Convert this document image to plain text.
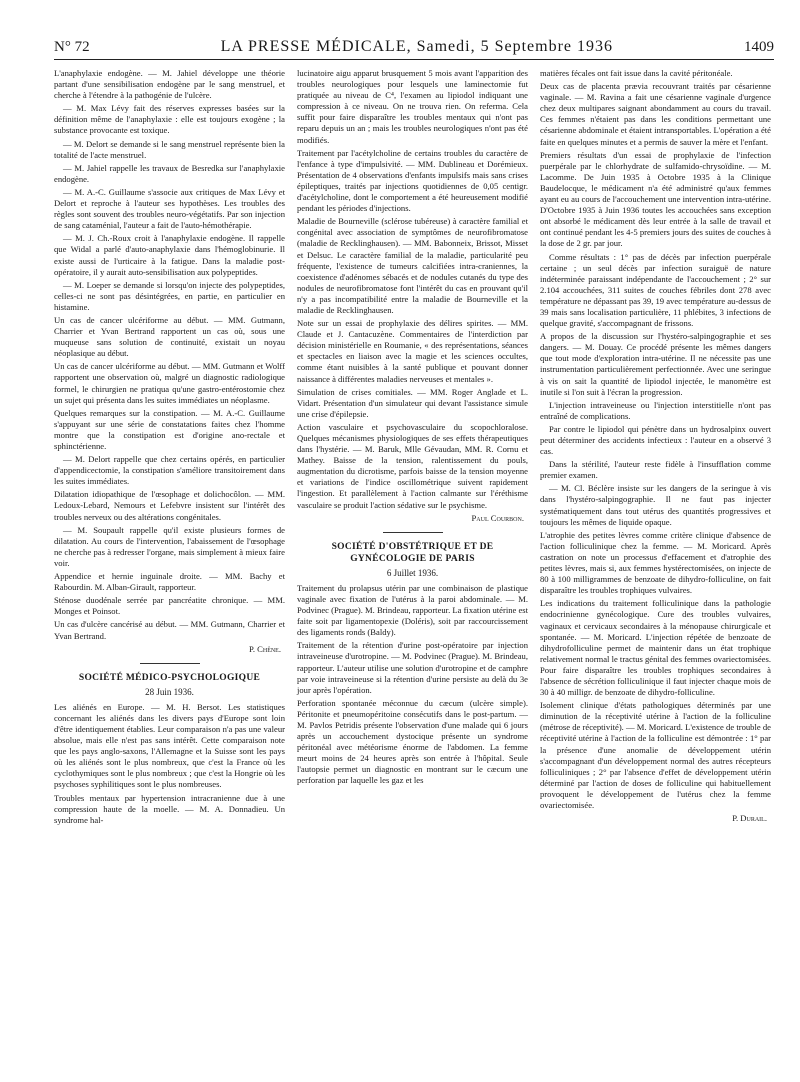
N° 72	LA PRESSE MÉDICALE, Samedi, 5 Septembre 1936	1409

L'anaphylaxie endogène. — M. Jahiel développe une théorie partant d'une sensibilisation endogène par le sang menstruel, et cherche à l'étendre à la pathogénie de l'ulcère.

— M. Max Lévy fait des réserves expresses basées sur la définition même de l'anaphylaxie : elle est toujours exogène ; la substance provocante est toxique.

— M. Delort se demande si le sang menstruel représente bien la totalité de l'acte menstruel.

— M. Jahiel rappelle les travaux de Besredka sur l'anaphylaxie endogène.

— M. A.-C. Guillaume s'associe aux critiques de Max Lévy et Delort et reproche à l'auteur ses hypothèses. Les troubles des règles sont souvent des troubles neuro-végétatifs. Par son injection de sang cataménial, l'auteur a fait de l'auto-hémothérapie.

— M. J. Ch.-Roux croit à l'anaphylaxie endogène. Il rappelle que Widal a parlé d'auto-anaphylaxie dans l'hémoglobinurie. Il existe aussi de l'urticaire à la fatigue. Dans la maladie post-opératoire, il y aurait auto-sensibilisation aux polypeptides.

— M. Loeper se demande si lorsqu'on injecte des polypeptides, celles-ci ne sont pas désintégrées, en partie, en particulier en histamine.

Un cas de cancer ulcériforme au début. — MM. Gutmann, Charrier et Yvan Bertrand rapportent un cas où, sous une muqueuse sans solution de continuité, existait un noyau néoplasique au début.

Un cas de cancer ulcériforme au début. — MM. Gutmann et Wolff rapportent une observation où, malgré un diagnostic radiologique formel, le chirurgien ne pratiqua qu'une gastro-entérostomie chez un sujet qui présenta dans les suites immédiates un néoplasme.

Quelques remarques sur la constipation. — M. A.-C. Guillaume s'appuyant sur une série de constatations faites chez l'homme montre que la constipation est d'origine ano-rectale et sphinctérienne.

— M. Delort rappelle que chez certains opérés, en particulier d'appendicectomie, la constipation s'améliore transitoirement dans les suites immédiates.

Dilatation idiopathique de l'œsophage et dolichocôlon. — MM. Ledoux-Lebard, Nemours et Lefebvre insistent sur l'intérêt des troubles nerveux ou des altérations congénitales.

— M. Soupault rappelle qu'il existe plusieurs formes de dilatation. Au cours de l'intervention, l'abaissement de l'œsophage ne cherche pas à redresser l'organe, mais simplement à mieux faire voir.

Appendice et hernie inguinale droite. — MM. Bachy et Rabourdin. M. Alban-Girault, rapporteur.

Sténose duodénale serrée par pancréatite chronique. — MM. Monges et Poinsot.

Un cas d'ulcère cancérisé au début. — MM. Gutmann, Charrier et Yvan Bertrand.

P. Chêne.

SOCIÉTÉ MÉDICO-PSYCHOLOGIQUE
28 Juin 1936.

Les aliénés en Europe. — M. H. Bersot. Les statistiques concernant les aliénés dans les divers pays d'Europe sont loin d'être identiquement établies. Leur comparaison n'a pas une valeur absolue, mais elle n'est pas sans intérêt. Cette comparaison note que les pays anglo-saxons, l'Allemagne et la Suisse sont les pays où les aliénés sont le plus nombreux, que c'est la France où les cyclothymiques sont le plus nombreux ; que c'est la Hongrie où les psychoses syphilitiques sont le plus nombreuses.

Troubles mentaux par hypertension intracranienne due à une compression haute de la moelle. — M. A. Donnadieu. Un syndrome hal-

lucinatoire aigu apparut brusquement 5 mois avant l'apparition des troubles neurologiques pour lesquels une laminectomie fut pratiquée au niveau de C⁴, l'examen au lipiodol indiquant une compression à ce niveau. On ne trouva rien. On referma. Cela suffit pour faire disparaître les troubles mentaux qui n'ont pas reparu depuis un an ; mais les troubles neurologiques n'ont pas été modifiés.

Traitement par l'acétylcholine de certains troubles du caractère de l'enfance à type d'impulsivité. — MM. Dublineau et Dorémieux. Présentation de 4 observations d'enfants impulsifs mais sans crises épileptiques, traités par injections quotidiennes de 0,05 centigr. d'acétylcholine, dont le comportement a été heureusement modifié pendant les périodes d'injections.

Maladie de Bourneville (sclérose tubéreuse) à caractère familial et congénital avec association de symptômes de neurofibromatose (maladie de Recklinghausen). — MM. Babonneix, Brissot, Misset et Delsuc. Le caractère familial de la maladie, particularité peu fréquente, l'existence de tumeurs calcifiées intra-craniennes, la coexistence d'adénomes sébacés et de nodules cutanés du type des nodules de neurofibromatose font l'intérêt du cas en prouvant qu'il n'y a pas incompatibilité entre la maladie de Bourneville et la maladie de Recklinghausen.

Note sur un essai de prophylaxie des délires spirites. — MM. Claude et J. Cantacuzène. Commentaires de l'interdiction par décision ministérielle en Roumanie, « des représentations, séances et spectacles en liaison avec la magie et les sciences occultes, comme étant nuisibles à la santé publique et pouvant donner naissance à différentes maladies nerveuses et mentales ».

Simulation de crises comitiales. — MM. Roger Anglade et L. Vidart. Présentation d'un simulateur qui devant l'assistance simule une crise d'épilepsie.

Action vasculaire et psychovasculaire du scopochloralose. Quelques mécanismes physiologiques de ses effets thérapeutiques dans l'hystérie. — M. Baruk, Mlle Gévaudan, MM. R. Cornu et Mathey. Baisse de la tension, ralentissement du pouls, augmentation du dicrotisme, parfois baisse de la tension moyenne et variations de l'indice oscillométrique suivent rapidement l'ingestion. Et parallèlement à l'action calmante sur l'éréthisme vasculaire se produit l'action sédative sur le psychisme.

Paul Courbon.

SOCIÉTÉ D'OBSTÉTRIQUE ET DE GYNÉCOLOGIE DE PARIS
6 Juillet 1936.

Traitement du prolapsus utérin par une combinaison de plastique vaginale avec fixation de l'utérus à la paroi abdominale. — M. Podvinec (Prague). M. Brindeau, rapporteur. La fixation utérine est faite soit par ligamentopexie (Doléris), soit par raccourcissement des ligaments ronds (Baldy).

Traitement de la rétention d'urine post-opératoire par injection intraveineuse d'urotropine. — M. Podvinec (Prague). M. Brindeau, rapporteur. L'auteur utilise une solution d'urotropine et de camphre par voie intraveineuse si la rétention d'urine persiste au delà du 3e jour après l'opération.

Perforation spontanée méconnue du cæcum (ulcère simple). Péritonite et pneumopéritoine consécutifs dans le post-partum. — M. Pavlos Petridis présente l'observation d'une malade qui 6 jours après un accouchement dystocique présente un syndrome péritonéal avec météorisme énorme de l'abdomen. La femme meurt moins de 24 heures après son entrée à l'hôpital. Seule l'autopsie permet un diagnostic en montrant sur le cæcum une perforation par laquelle les gaz et les

matières fécales ont fait issue dans la cavité péritonéale.

Deux cas de placenta prævia recouvrant traités par césarienne vaginale. — M. Ravina a fait une césarienne vaginale d'urgence chez deux multipares saignant abondamment au cours du travail. Ces femmes n'étaient pas dans les conditions permettant une césarienne abdominale et étaient intransportables. L'opération a été faite en quelques minutes et a permis de sauver la mère et l'enfant.

Premiers résultats d'un essai de prophylaxie de l'infection puerpérale par le chlorhydrate de sulfamido-chrysoïdine. — M. Lacomme. De Juin 1935 à Octobre 1935 à la Clinique Baudelocque, le médicament n'a été administré qu'aux femmes ayant eu au cours de l'accouchement une intervention intra-utérine. D'Octobre 1935 à Juin 1936 toutes les accouchées sans exception ont absorbé le médicament dès leur entrée à la salle de travail et ont continué pendant les 4-5 premiers jours des suites de couches à la dose de 2 gr. par jour.

Comme résultats : 1° pas de décès par infection puerpérale certaine ; un seul décès par infection suraiguë de nature indéterminée paraissant indépendante de l'accouchement ; 2° sur 2.104 accouchées, 311 suites de couches fébriles dont 278 avec température ne dépassant pas 39, 19 avec température au-dessus de 39 mais sans localisation particulière, 11 phlébites, 3 infections de quelque gravité, s'accompagnant de frissons.

A propos de la discussion sur l'hystéro-salpingographie et ses dangers. — M. Douay. Ce procédé présente les mêmes dangers que tout mode d'exploration intra-utérine. Il ne nécessite pas une instrumentation particulièrement perfectionnée. Avec une seringue à vis on sait la quantité de lipiodol injectée, le manomètre est inutile si l'on suit à l'écran la progression.

L'injection intraveineuse ou l'injection interstitielle n'ont pas entraîné de complications.

Par contre le lipiodol qui pénètre dans un hydrosalpinx ouvert peut déterminer des accidents infectieux : l'auteur en a observé 3 cas.

Dans la stérilité, l'auteur reste fidèle à l'insufflation comme premier examen.

— M. Cl. Béclère insiste sur les dangers de la seringue à vis dans l'hystéro-salpingographie. Il ne faut pas injecter systématiquement dans tout utérus des quantités progressives et toujours les mêmes de liquide opaque.

L'atrophie des petites lèvres comme critère clinique d'absence de l'action folliculinique chez la femme. — M. Moricard. Après castration on note un processus d'effacement et d'atrophie des petites lèvres, mais si, aux femmes hystérectomisées, on injecte de 80 à 100 milligrammes de benzoate de dihydro-folliculine, on fait disparaître les troubles trophiques vulvaires.

Les indications du traitement folliculinique dans la pathologie endocrinienne gynécologique. Cure des troubles vulvaires, vaginaux et cervicaux secondaires à la ménopause chirurgicale et spontanée. — M. Moricard. L'injection répétée de benzoate de dihydrofolliculine permet de maintenir dans un état trophique relativement normal le tractus génital des femmes ovariectomisées. Pour faire disparaître les troubles trophiques secondaires à l'absence de sécrétion folliculinique il faut injecter chaque mois de 30 à 40 milligr. de benzoate de dihydro-folliculine.

Isolement clinique d'états pathologiques déterminés par une diminution de la réceptivité utérine à l'action de la folliculine (métrose de réceptivité). — M. Moricard. L'existence de trouble de réceptivité utérine à l'action de la folliculine est démontrée : 1° par la présence d'une anomalie de développement utérin s'accompagnant d'un développement normal des autres récepteurs folliculiniques ; 2° par l'absence d'effet de développement utérin déterminé par l'action de doses de folliculine qui habituellement provoquent le développement de l'utérus chez la femme ovariectomisée.

P. Durail.
